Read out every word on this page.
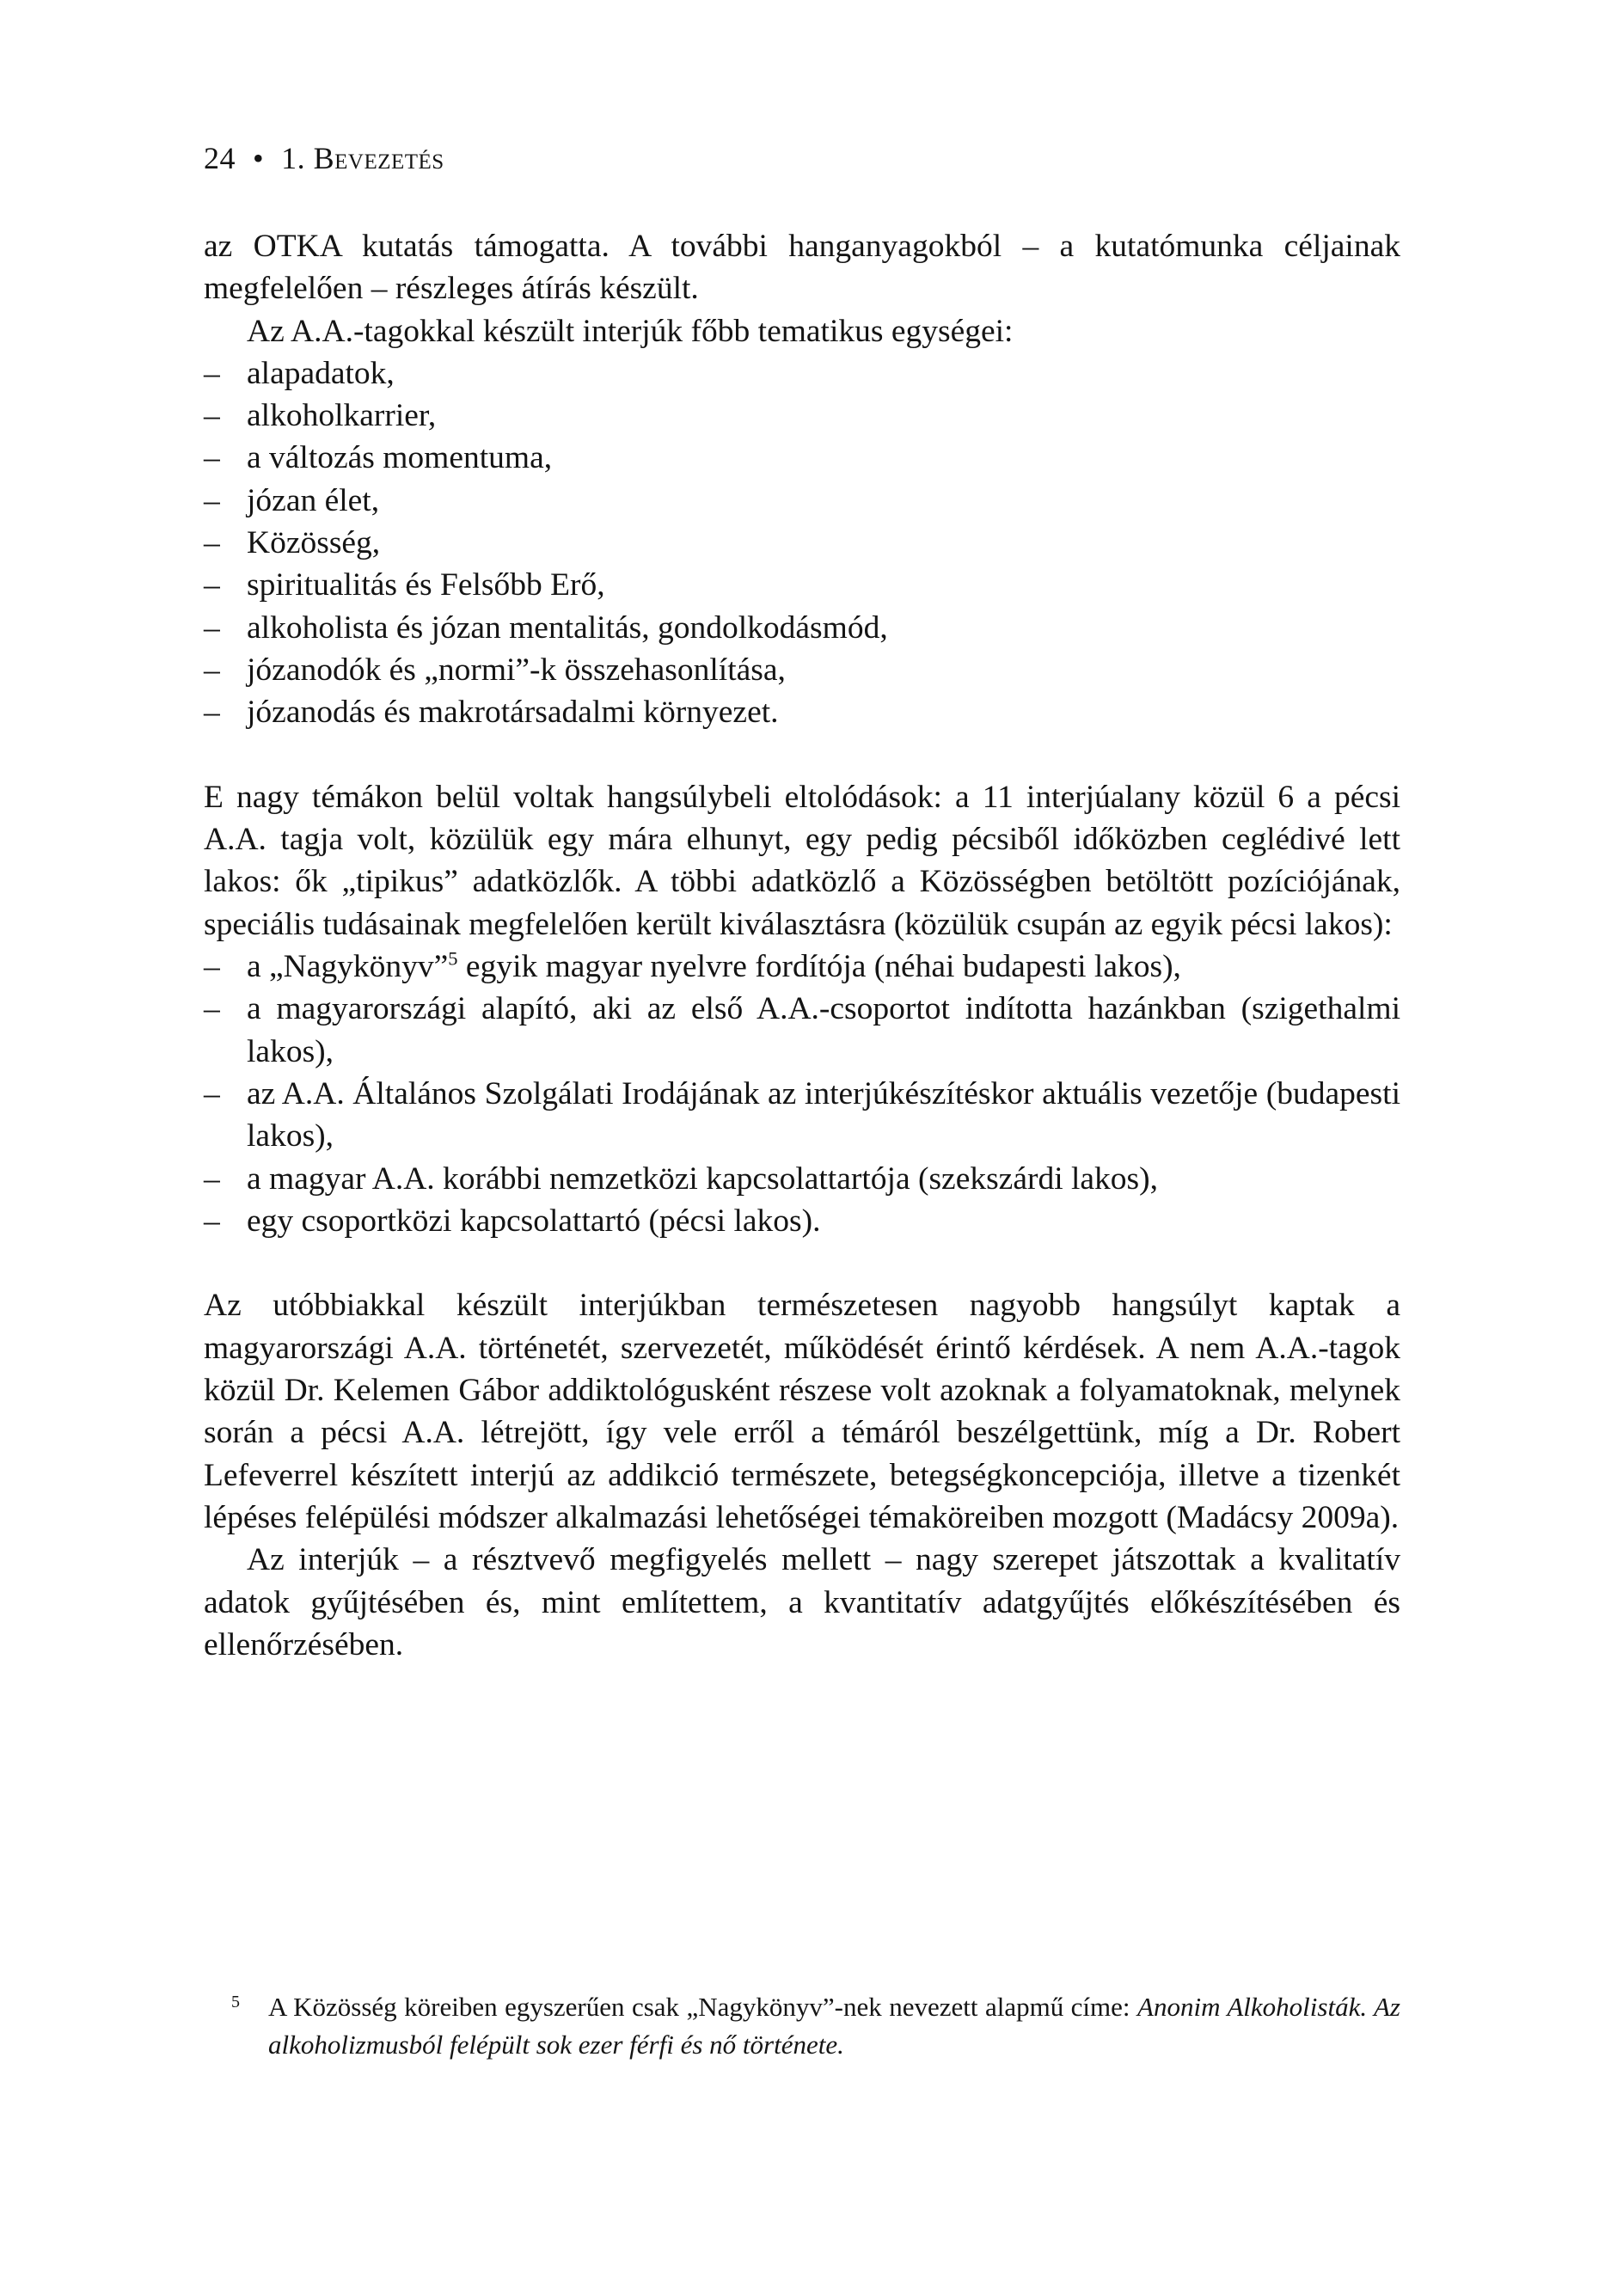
24 • 1. Bevezetés

az OTKA kutatás támogatta. A további hanganyagokból – a kutatómunka céljainak megfelelően – részleges átírás készült.

Az A.A.-tagokkal készült interjúk főbb tematikus egységei:

– alapadatok,
– alkoholkarrier,
– a változás momentuma,
– józan élet,
– Közösség,
– spiritualitás és Felsőbb Erő,
– alkoholista és józan mentalitás, gondolkodásmód,
– józanodók és „normi”-k összehasonlítása,
– józanodás és makrotársadalmi környezet.

E nagy témákon belül voltak hangsúlybeli eltolódások: a 11 interjúalany közül 6 a pécsi A.A. tagja volt, közülük egy mára elhunyt, egy pedig pécsiből időközben ceglédivé lett lakos: ők „tipikus” adatközlők. A többi adatközlő a Közösségben betöltött pozíciójának, speciális tudásainak megfelelően került kiválasztásra (közülük csupán az egyik pécsi lakos):

– a „Nagykönyv”$^5$ egyik magyar nyelvre fordítója (néhai budapesti lakos),
– a magyarországi alapító, aki az első A.A.-csoportot indította hazánkban (szigethalmi lakos),
– az A.A. Általános Szolgálati Irodájának az interjúkészítéskor aktuális vezetője (budapesti lakos),
– a magyar A.A. korábbi nemzetközi kapcsolattartója (szekszárdi lakos),
– egy csoportközi kapcsolattartó (pécsi lakos).

Az utóbbiakkal készült interjúkban természetesen nagyobb hangsúlyt kaptak a magyarországi A.A. történetét, szervezetét, működését érintő kérdések. A nem A.A.-tagok közül Dr. Kelemen Gábor addiktológusként részese volt azoknak a folyamatoknak, melynek során a pécsi A.A. létrejött, így vele erről a témáról beszélgettünk, míg a Dr. Robert Lefeverrel készített interjú az addikció természete, betegségkoncepciója, illetve a tizenkét lépéses felépülési módszer alkalmazási lehetőségei témaköreiben mozgott (Madácsy 2009a).

Az interjúk – a résztvevő megfigyelés mellett – nagy szerepet játszottak a kvalitatív adatok gyűjtésében és, mint említettem, a kvantitatív adatgyűjtés előkészítésében és ellenőrzésében.

5 A Közösség köreiben egyszerűen csak „Nagykönyv”-nek nevezett alapmű címe: Anonim Alkoholisták. Az alkoholizmusból felépült sok ezer férfi és nő története.
